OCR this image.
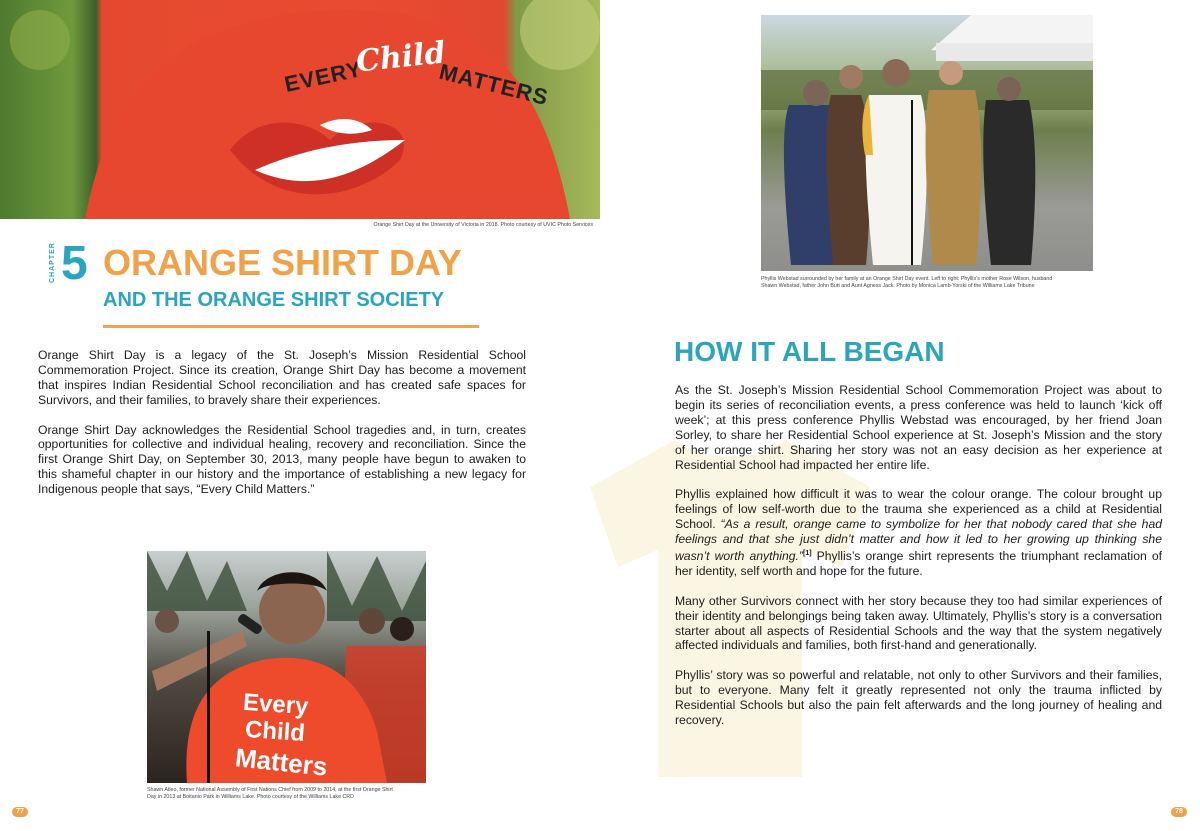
EVERY
Child
MATTERS
Orange Shirt Day at the University of Victoria in 2018. Photo courtesy of UVIC Photo Services
CHAPTER 5 ORANGE SHIRT DAY
AND THE ORANGE SHIRT SOCIETY

Orange Shirt Day is a legacy of the St. Joseph’s Mission Residential School Commemoration Project. Since its creation, Orange Shirt Day has become a movement that inspires Indian Residential School reconciliation and has created safe spaces for Survivors, and their families, to bravely share their experiences.

Orange Shirt Day acknowledges the Residential School tragedies and, in turn, creates opportunities for collective and individual healing, recovery and reconciliation. Since the first Orange Shirt Day, on September 30, 2013, many people have begun to awaken to this shameful chapter in our history and the importance of establishing a new legacy for Indigenous people that says, “Every Child Matters.”

Phyllis Webstad surrounded by her family at an Orange Shirt Day event. Left to right: Phyllis’s mother Rose Wilson, husband Shawn Webstad, father John Butt and Aunt Agness Jack. Photo by Monica Lamb-Yorski of the Williams Lake Tribune
HOW IT ALL BEGAN

As the St. Joseph’s Mission Residential School Commemoration Project was about to begin its series of reconciliation events, a press conference was held to launch ‘kick off week’; at this press conference Phyllis Webstad was encouraged, by her friend Joan Sorley, to share her Residential School experience at St. Joseph’s Mission and the story of her orange shirt. Sharing her story was not an easy decision as her experience at Residential School had impacted her entire life.

Phyllis explained how difficult it was to wear the colour orange. The colour brought up feelings of low self-worth due to the trauma she experienced as a child at Residential School. “As a result, orange came to symbolize for her that nobody cared that she had feelings and that she just didn’t matter and how it led to her growing up thinking she wasn’t worth anything.”[1] Phyllis’s orange shirt represents the triumphant reclamation of her identity, self worth and hope for the future.

Many other Survivors connect with her story because they too had similar experiences of their identity and belongings being taken away. Ultimately, Phyllis’s story is a conversation starter about all aspects of Residential Schools and the way that the system negatively affected individuals and families, both first-hand and generationally.

Phyllis’ story was so powerful and relatable, not only to other Survivors and their families, but to everyone. Many felt it greatly represented not only the trauma inflicted by Residential Schools but also the pain felt afterwards and the long journey of healing and recovery.

Every
Child
Matters
Shawn Atleo, former National Assembly of First Nations Chief from 2009 to 2014, at the first Orange Shirt Day in 2013 at Boitanio Park in Williams Lake. Photo courtesy of the Williams Lake CRD
77	78
